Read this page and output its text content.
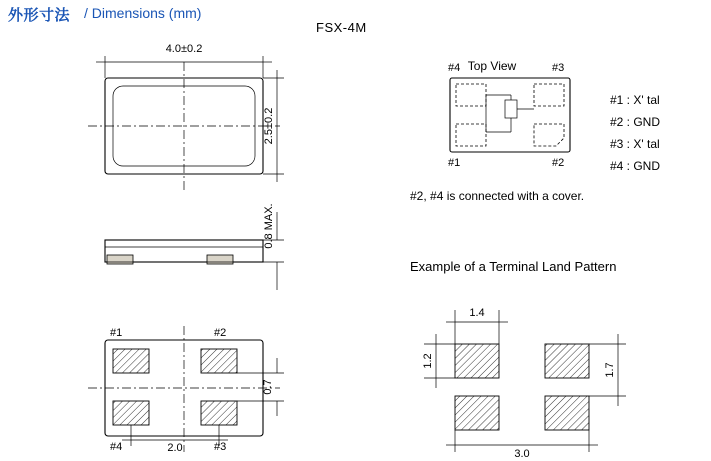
外形寸法 / Dimensions (mm)
FSX-4M
4.0±0.2
2.5±0.2
0.8 MAX.
#1	#2
#4	#3
0.7
2.0
#4	#3
#1	#2
Top View
#1 : X' tal
#2 : GND
#3 : X' tal
#4 : GND
#2, #4 is connected with a cover.
Example of a Terminal Land Pattern
1.4
1.2
1.7
3.0
